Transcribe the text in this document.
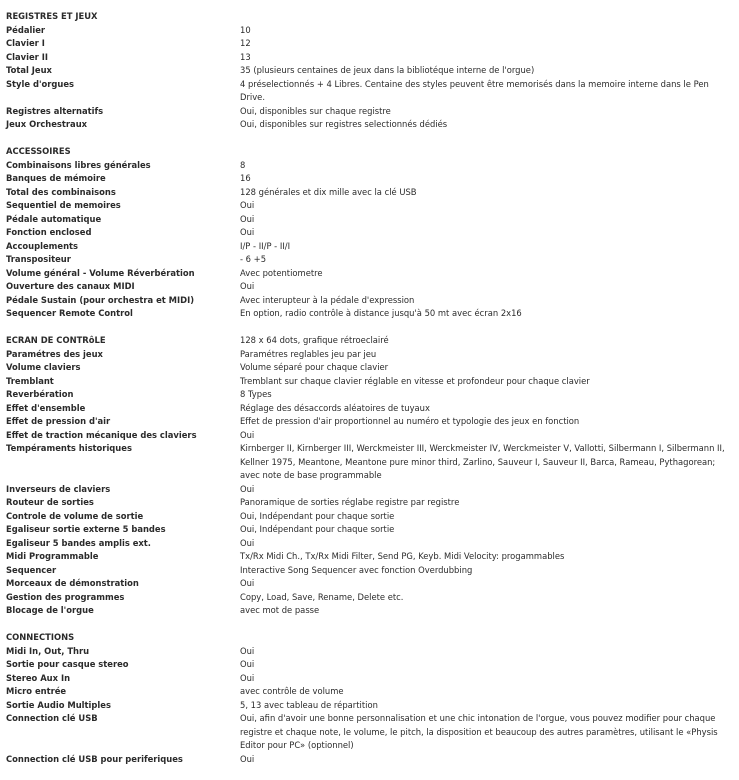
REGISTRES ET JEUX
Pédalier	10
Clavier I	12
Clavier II	13
Total Jeux	35 (plusieurs centaines de jeux dans la bibliotéque interne de l'orgue)
Style d'orgues	4 préselectionnés + 4 Libres. Centaine des styles peuvent être memorisés dans la memoire interne dans le Pen Drive.
Registres alternatifs	Oui, disponibles sur chaque registre
Jeux Orchestraux	Oui, disponibles sur registres selectionnés dédiés
ACCESSOIRES
Combinaisons libres générales	8
Banques de mémoire	16
Total des combinaisons	128 générales et dix mille avec la clé USB
Sequentiel de memoires	Oui
Pédale automatique	Oui
Fonction enclosed	Oui
Accouplements	I/P - II/P - II/I
Transpositeur	- 6 +5
Volume général - Volume Réverbération	Avec potentiometre
Ouverture des canaux MIDI	Oui
Pédale Sustain (pour orchestra et MIDI)	Avec interupteur à la pédale d'expression
Sequencer Remote Control	En option, radio contrôle à distance jusqu'à 50 mt avec écran 2x16
ECRAN DE CONTRôLE	128 x 64 dots, grafique rétroeclairé
Paramétres des jeux	Paramétres reglables jeu par jeu
Volume claviers	Volume séparé pour chaque clavier
Tremblant	Tremblant sur chaque clavier réglable en vitesse et profondeur pour chaque clavier
Reverbération	8 Types
Effet d'ensemble	Réglage des désaccords aléatoires de tuyaux
Effet de pression d'air	Effet de pression d'air proportionnel au numéro et typologie des jeux en fonction
Effet de traction mécanique des claviers	Oui
Tempéraments historiques	Kirnberger II, Kirnberger III, Werckmeister III, Werckmeister IV, Werckmeister V, Vallotti, Silbermann I, Silbermann II, Kellner 1975, Meantone, Meantone pure minor third, Zarlino, Sauveur I, Sauveur II, Barca, Rameau, Pythagorean; avec note de base programmable
Inverseurs de claviers	Oui
Routeur de sorties	Panoramique de sorties réglabe registre par registre
Controle de volume de sortie	Oui, Indépendant pour chaque sortie
Egaliseur sortie externe 5 bandes	Oui, Indépendant pour chaque sortie
Egaliseur 5 bandes amplis ext.	Oui
Midi Programmable	Tx/Rx Midi Ch., Tx/Rx Midi Filter, Send PG, Keyb. Midi Velocity: progammables
Sequencer	Interactive Song Sequencer avec fonction Overdubbing
Morceaux de démonstration	Oui
Gestion des programmes	Copy, Load, Save, Rename, Delete etc.
Blocage de l'orgue	avec mot de passe
CONNECTIONS
Midi In, Out, Thru	Oui
Sortie pour casque stereo	Oui
Stereo Aux In	Oui
Micro entrée	avec contrôle de volume
Sortie Audio Multiples	5, 13 avec tableau de répartition
Connection clé USB	Oui, afin d'avoir une bonne personnalisation et une chic intonation de l'orgue, vous pouvez modifier pour chaque registre et chaque note, le volume, le pitch, la disposition et beaucoup des autres paramètres, utilisant le «Physis Editor pour PC» (optionnel)
Connection clé USB pour periferiques	Oui
